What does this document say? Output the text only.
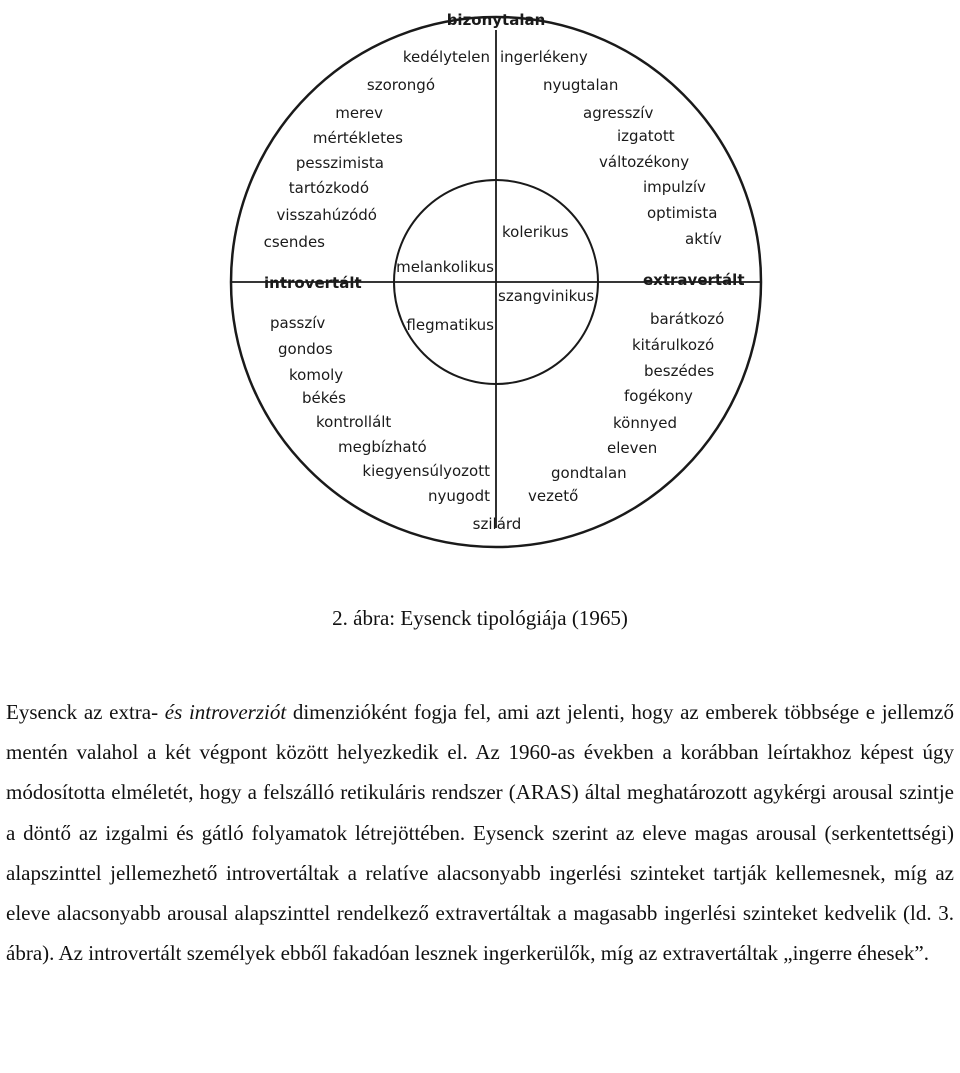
bizonytalan
kedélytelen
szorongó
merev
mértékletes
pesszimista
tartózkodó
visszahúzódó
csendes
ingerlékeny
nyugtalan
agresszív
izgatott
változékony
impulzív
optimista
aktív
introvertált	extravertált
passzív
gondos
komoly
békés
kontrollált
megbízható
kiegyensúlyozott
nyugodt
barátkozó
kitárulkozó
beszédes
fogékony
könnyed
eleven
gondtalan
vezető
szilárd
melankolikus
kolerikus
flegmatikus
szangvinikus
2. ábra: Eysenck tipológiája (1965)

Eysenck az extra- és introverziót dimenzióként fogja fel, ami azt jelenti, hogy az emberek többsége e jellemző mentén valahol a két végpont között helyezkedik el. Az 1960-as években a korábban leírtakhoz képest úgy módosította elméletét, hogy a felszálló retikuláris rendszer (ARAS) által meghatározott agykérgi arousal szintje a döntő az izgalmi és gátló folyamatok létrejöttében. Eysenck szerint az eleve magas arousal (serkentettségi) alapszinttel jellemezhető introvertáltak a relatíve alacsonyabb ingerlési szinteket tartják kellemesnek, míg az eleve alacsonyabb arousal alapszinttel rendelkező extravertáltak a magasabb ingerlési szinteket kedvelik (ld. 3. ábra). Az introvertált személyek ebből fakadóan lesznek ingerkerülők, míg az extravertáltak „ingerre éhesek”.
